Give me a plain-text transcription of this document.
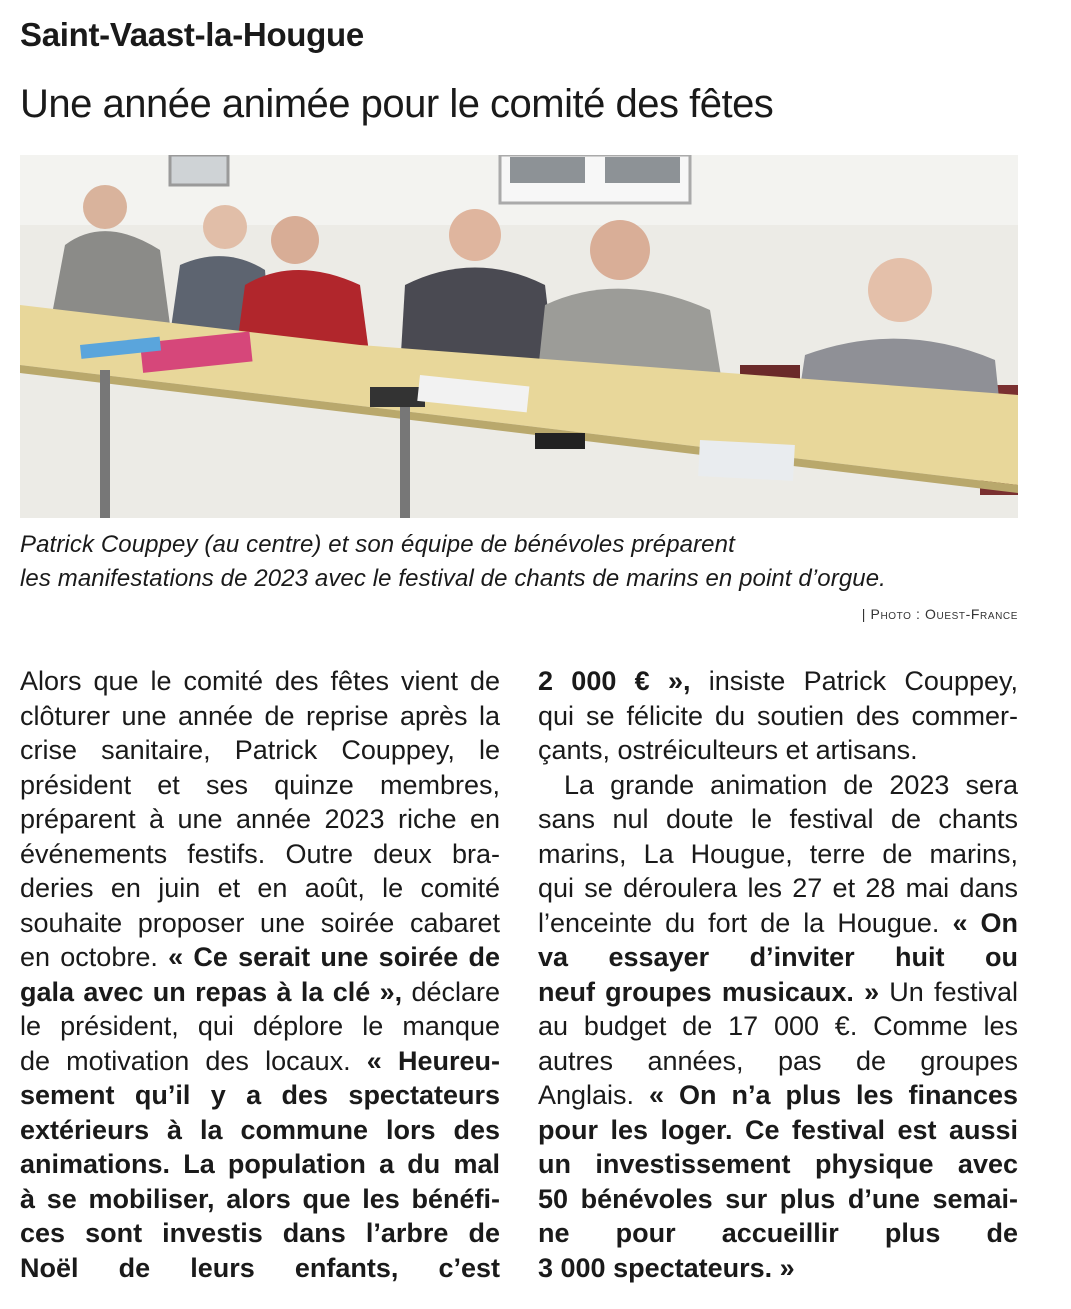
Saint-Vaast-la-Hougue
Une année animée pour le comité des fêtes
Patrick Couppey (au centre) et son équipe de bénévoles préparent
les manifestations de 2023 avec le festival de chants de marins en point d’orgue.
| Photo : Ouest-France
Alors que le comité des fêtes vient de
clôturer une année de reprise après la
crise sanitaire, Patrick Couppey, le
président et ses quinze membres,
préparent à une année 2023 riche en
événements festifs. Outre deux bra-
deries en juin et en août, le comité
souhaite proposer une soirée cabaret
en octobre. « Ce serait une soirée de
gala avec un repas à la clé », déclare
le président, qui déplore le manque
de motivation des locaux. « Heureu-
sement qu’il y a des spectateurs
extérieurs à la commune lors des
animations. La population a du mal
à se mobiliser, alors que les bénéfi-
ces sont investis dans l’arbre de
Noël de leurs enfants, c’est
2 000 € », insiste Patrick Couppey,
qui se félicite du soutien des commer-
çants, ostréiculteurs et artisans.
La grande animation de 2023 sera
sans nul doute le festival de chants
marins, La Hougue, terre de marins,
qui se déroulera les 27 et 28 mai dans
l’enceinte du fort de la Hougue. « On
va essayer d’inviter huit ou
neuf groupes musicaux. » Un festival
au budget de 17 000 €. Comme les
autres années, pas de groupes
Anglais. « On n’a plus les finances
pour les loger. Ce festival est aussi
un investissement physique avec
50 bénévoles sur plus d’une semai-
ne pour accueillir plus de
3 000 spectateurs. »
